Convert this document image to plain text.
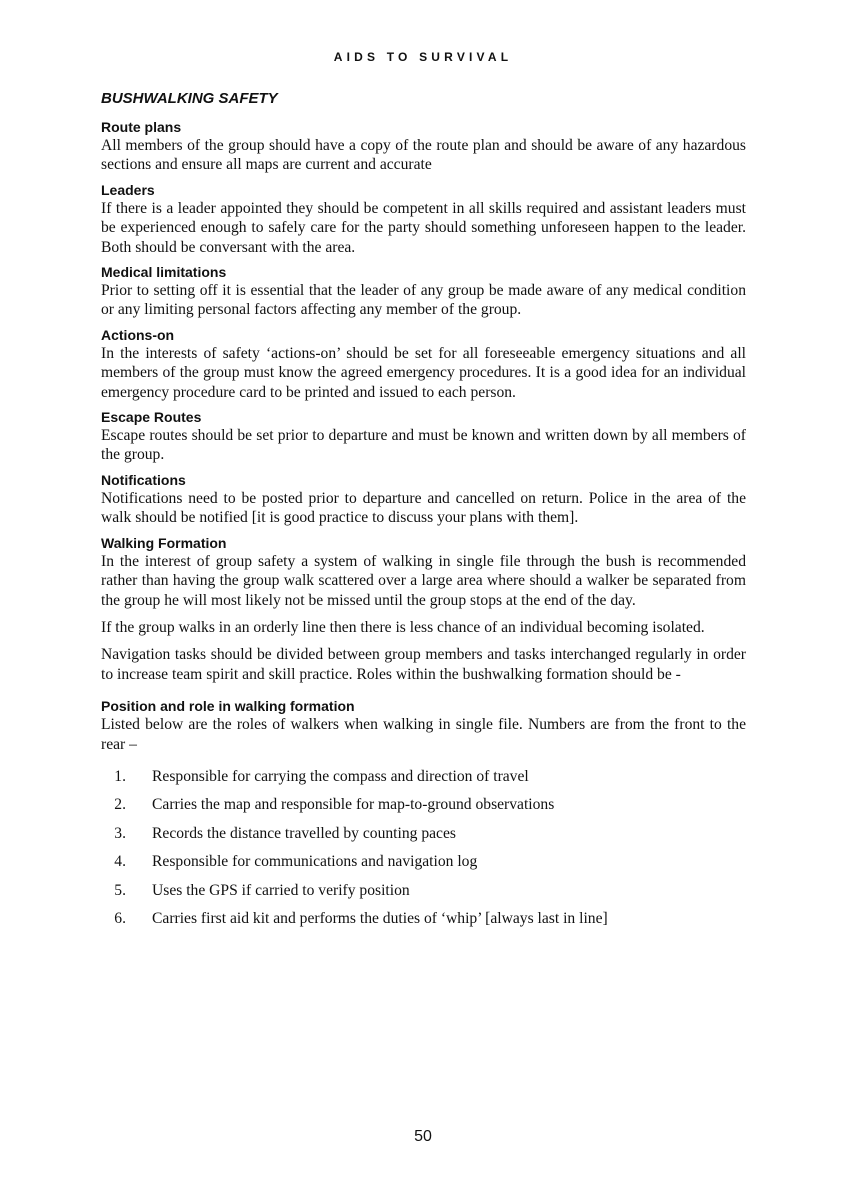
AIDS TO SURVIVAL
BUSHWALKING SAFETY
Route plans

All members of the group should have a copy of the route plan and should be aware of any hazardous sections and ensure all maps are current and accurate

Leaders

If there is a leader appointed they should be competent in all skills required and assistant leaders must be experienced enough to safely care for the party should something unforeseen happen to the leader. Both should be conversant with the area.

Medical limitations

Prior to setting off it is essential that the leader of any group be made aware of any medical condition or any limiting personal factors affecting any member of the group.

Actions-on

In the interests of safety ‘actions-on’ should be set for all foreseeable emergency situations and all members of the group must know the agreed emergency procedures. It is a good idea for an individual emergency procedure card to be printed and issued to each person.

Escape Routes

Escape routes should be set prior to departure and must be known and written down by all members of the group.

Notifications

Notifications need to be posted prior to departure and cancelled on return. Police in the area of the walk should be notified [it is good practice to discuss your plans with them].

Walking Formation

In the interest of group safety a system of walking in single file through the bush is recommended rather than having the group walk scattered over a large area where should a walker be separated from the group he will most likely not be missed until the group stops at the end of the day.

If the group walks in an orderly line then there is less chance of an individual becoming isolated.

Navigation tasks should be divided between group members and tasks interchanged regularly in order to increase team spirit and skill practice. Roles within the bushwalking formation should be -

Position and role in walking formation

Listed below are the roles of walkers when walking in single file. Numbers are from the front to the rear –

1. Responsible for carrying the compass and direction of travel
2. Carries the map and responsible for map-to-ground observations
3. Records the distance travelled by counting paces
4. Responsible for communications and navigation log
5. Uses the GPS if carried to verify position
6. Carries first aid kit and performs the duties of ‘whip’ [always last in line]
50
